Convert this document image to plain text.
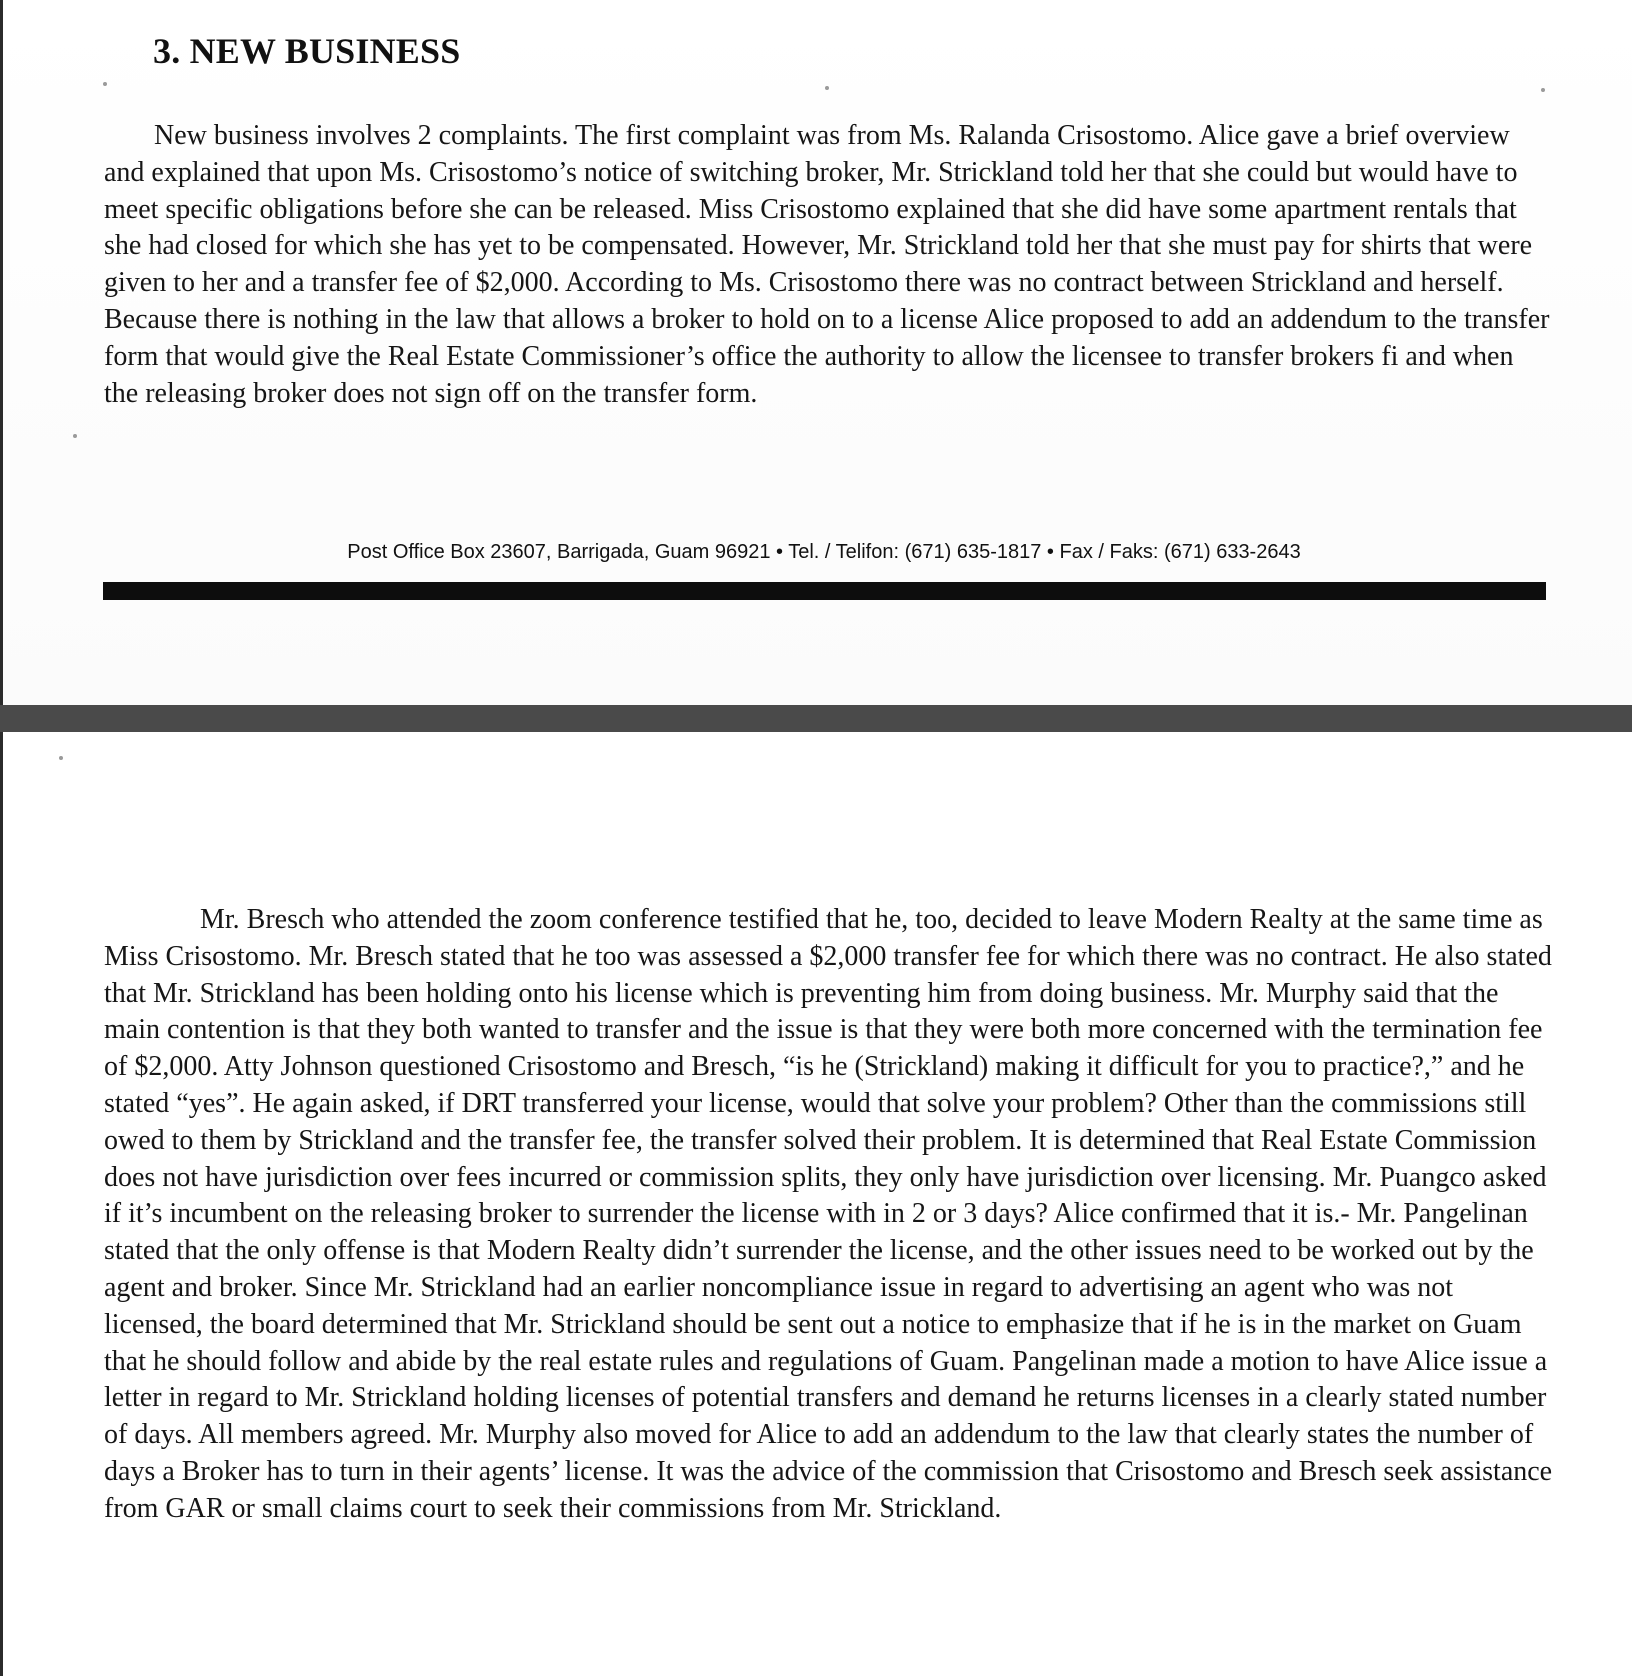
3. NEW BUSINESS

New business involves 2 complaints. The first complaint was from Ms. Ralanda Crisostomo. Alice gave a brief overview and explained that upon Ms. Crisostomo’s notice of switching broker, Mr. Strickland told her that she could but would have to meet specific obligations before she can be released. Miss Crisostomo explained that she did have some apartment rentals that she had closed for which she has yet to be compensated. However, Mr. Strickland told her that she must pay for shirts that were given to her and a transfer fee of $2,000. According to Ms. Crisostomo there was no contract between Strickland and herself. Because there is nothing in the law that allows a broker to hold on to a license Alice proposed to add an addendum to the transfer form that would give the Real Estate Commissioner’s office the authority to allow the licensee to transfer brokers fi and when the releasing broker does not sign off on the transfer form.

Post Office Box 23607, Barrigada, Guam 96921 • Tel. / Telifon: (671) 635-1817 • Fax / Faks: (671) 633-2643

Mr. Bresch who attended the zoom conference testified that he, too, decided to leave Modern Realty at the same time as Miss Crisostomo. Mr. Bresch stated that he too was assessed a $2,000 transfer fee for which there was no contract. He also stated that Mr. Strickland has been holding onto his license which is preventing him from doing business. Mr. Murphy said that the main contention is that they both wanted to transfer and the issue is that they were both more concerned with the termination fee of $2,000. Atty Johnson questioned Crisostomo and Bresch, “is he (Strickland) making it difficult for you to practice?,” and he stated “yes”. He again asked, if DRT transferred your license, would that solve your problem? Other than the commissions still owed to them by Strickland and the transfer fee, the transfer solved their problem. It is determined that Real Estate Commission does not have jurisdiction over fees incurred or commission splits, they only have jurisdiction over licensing. Mr. Puangco asked if it’s incumbent on the releasing broker to surrender the license with in 2 or 3 days? Alice confirmed that it is.- Mr. Pangelinan stated that the only offense is that Modern Realty didn’t surrender the license, and the other issues need to be worked out by the agent and broker. Since Mr. Strickland had an earlier noncompliance issue in regard to advertising an agent who was not licensed, the board determined that Mr. Strickland should be sent out a notice to emphasize that if he is in the market on Guam that he should follow and abide by the real estate rules and regulations of Guam. Pangelinan made a motion to have Alice issue a letter in regard to Mr. Strickland holding licenses of potential transfers and demand he returns licenses in a clearly stated number of days. All members agreed. Mr. Murphy also moved for Alice to add an addendum to the law that clearly states the number of days a Broker has to turn in their agents’ license. It was the advice of the commission that Crisostomo and Bresch seek assistance from GAR or small claims court to seek their commissions from Mr. Strickland.
